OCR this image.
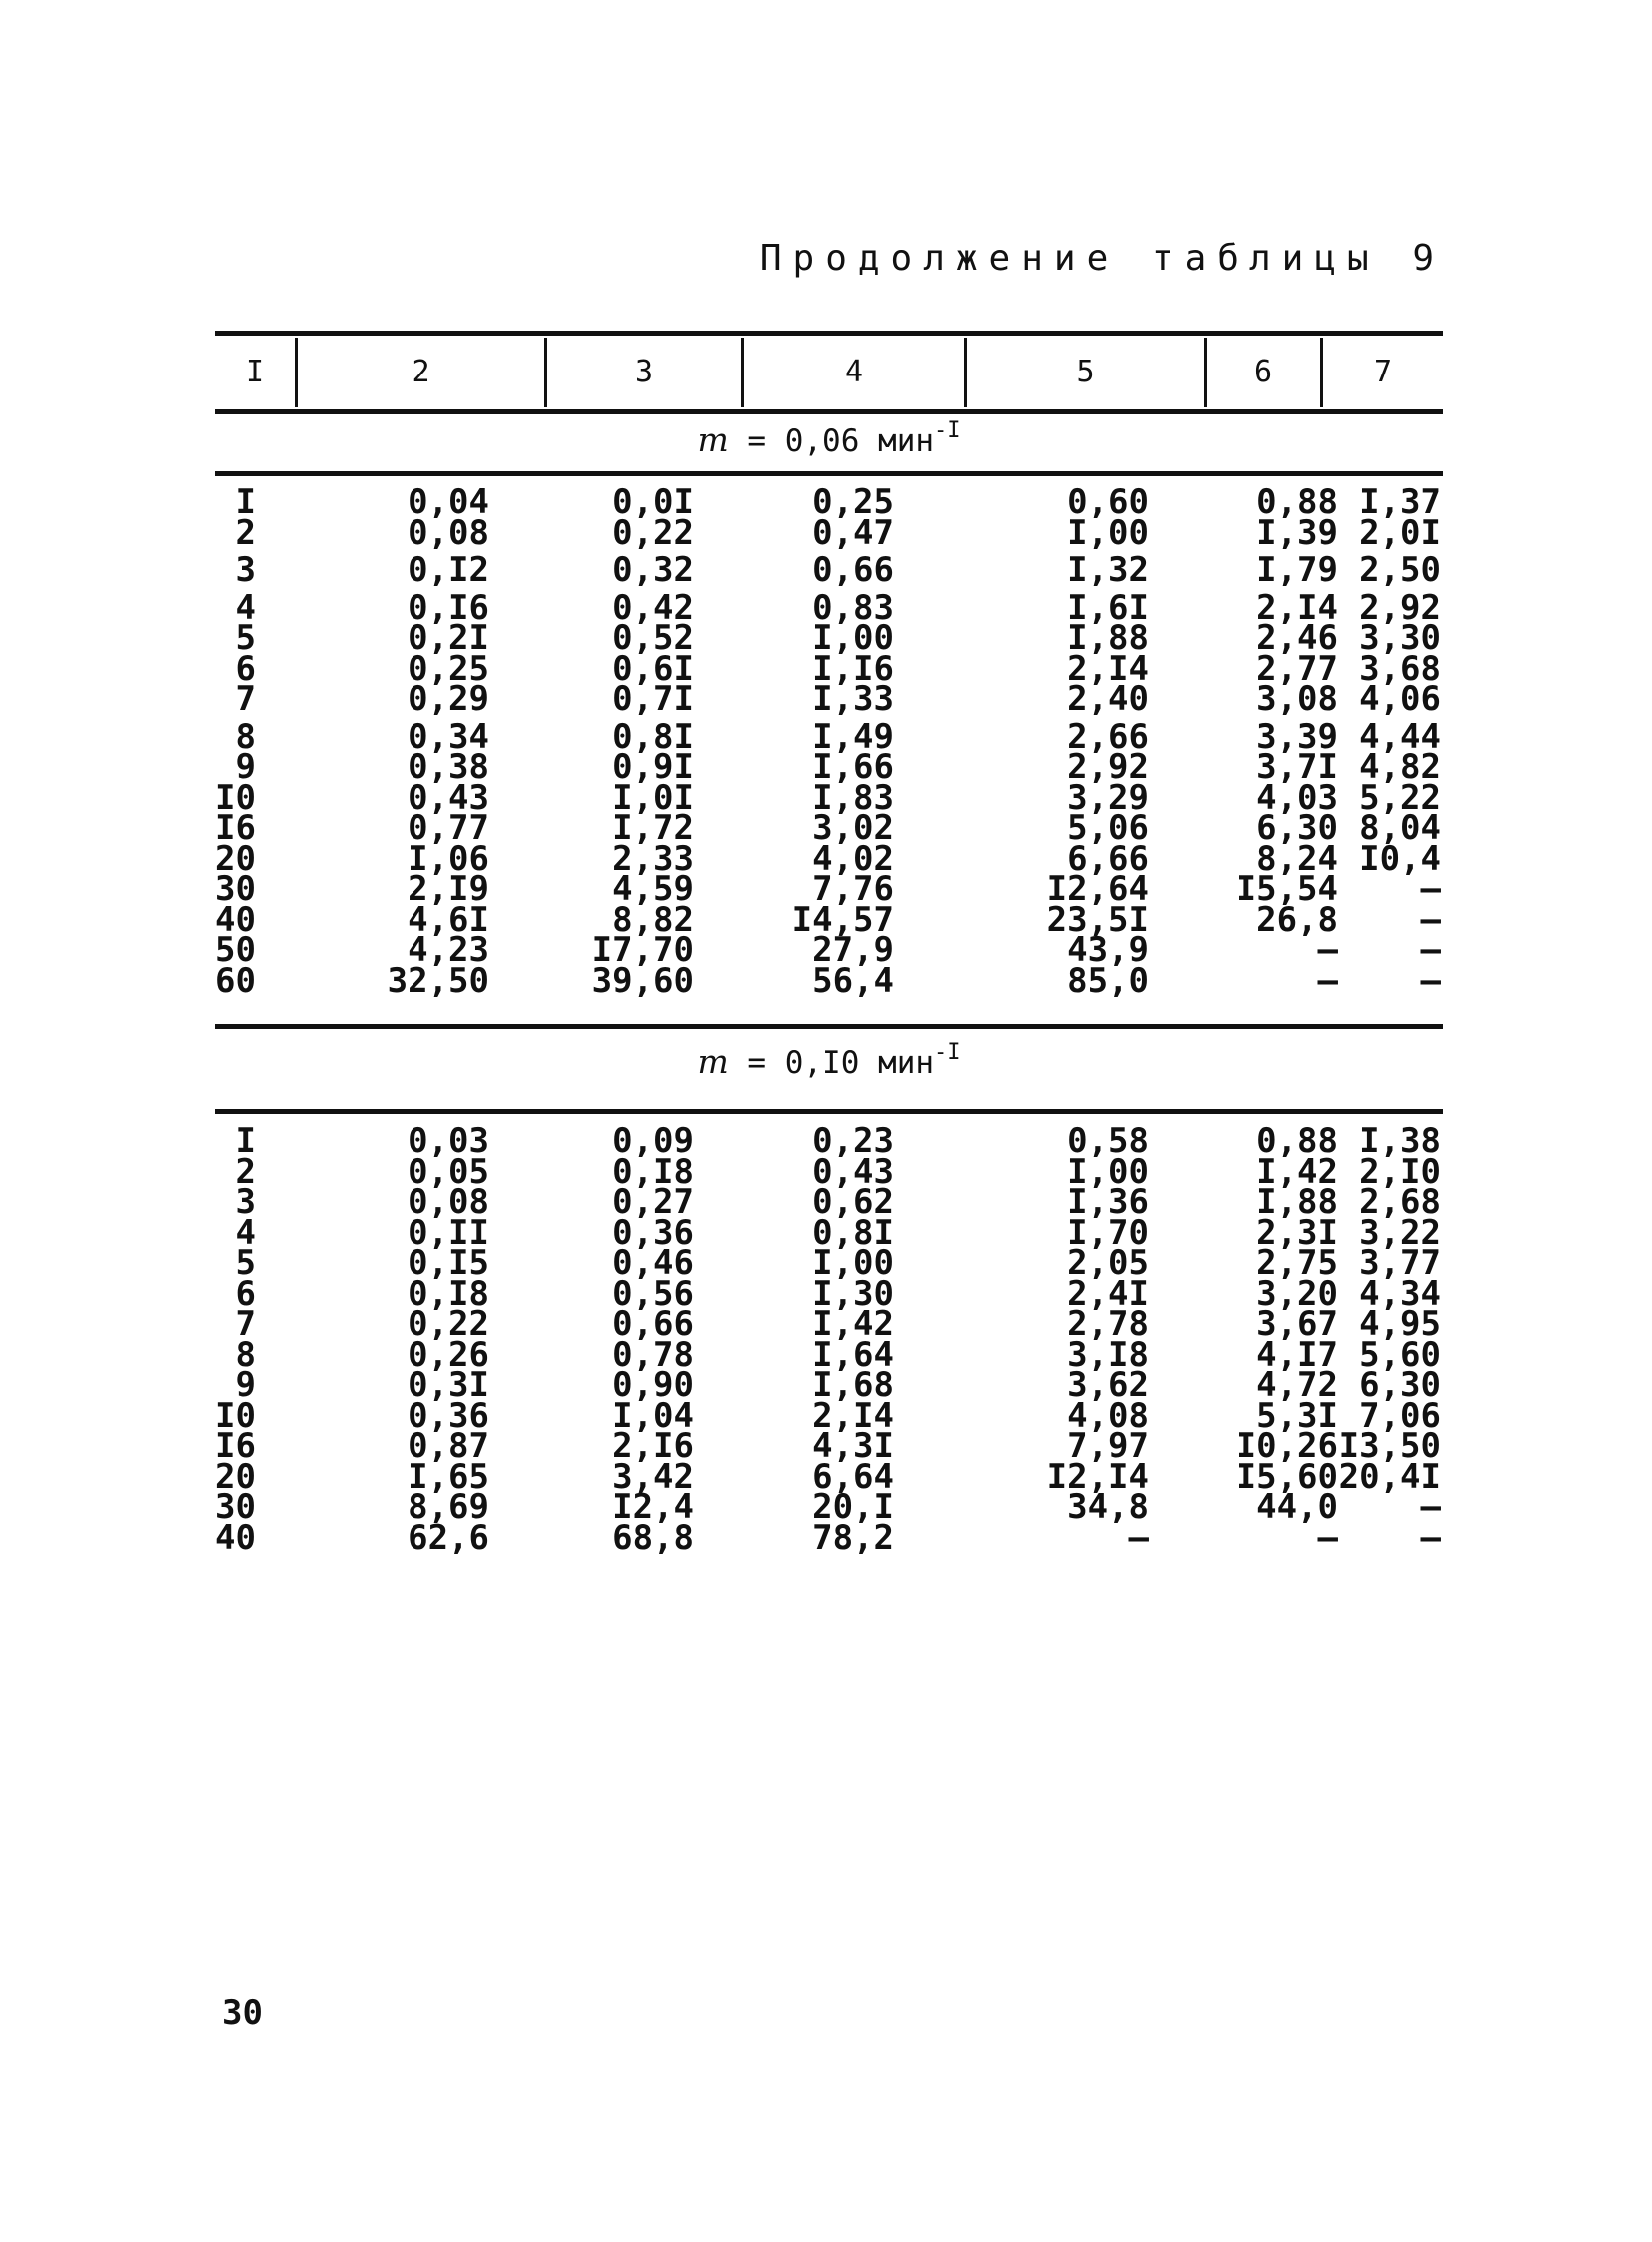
Продолжение таблицы 9
I	2	3	4	5	6	7
m = 0,06 мин$^{-I}$
I	0,04	0,0I	0,25	0,60	0,88 I,37
2	0,08	0,22	0,47	I,00	I,39 2,0I
3	0,I2	0,32	0,66	I,32	I,79 2,50
4	0,I6	0,42	0,83	I,6I	2,I4 2,92
5	0,2I	0,52	I,00	I,88	2,46 3,30
6	0,25	0,6I	I,I6	2,I4	2,77 3,68
7	0,29	0,7I	I,33	2,40	3,08 4,06
8	0,34	0,8I	I,49	2,66	3,39 4,44
9	0,38	0,9I	I,66	2,92	3,7I 4,82
I0	0,43	I,0I	I,83	3,29	4,03 5,22
I6	0,77	I,72	3,02	5,06	6,30 8,04
20	I,06	2,33	4,02	6,66	8,24 I0,4
30	2,I9	4,59	7,76	I2,64	I5,54	–
40	4,6I	8,82	I4,57	23,5I	26,8	–
50	4,23	I7,70	27,9	43,9	–	–
60	32,50	39,60	56,4	85,0	–	–
m = 0,I0 мин$^{-I}$
I	0,03	0,09	0,23	0,58	0,88 I,38
2	0,05	0,I8	0,43	I,00	I,42 2,I0
3	0,08	0,27	0,62	I,36	I,88 2,68
4	0,II	0,36	0,8I	I,70	2,3I 3,22
5	0,I5	0,46	I,00	2,05	2,75 3,77
6	0,I8	0,56	I,30	2,4I	3,20 4,34
7	0,22	0,66	I,42	2,78	3,67 4,95
8	0,26	0,78	I,64	3,I8	4,I7 5,60
9	0,3I	0,90	I,68	3,62	4,72 6,30
I0	0,36	I,04	2,I4	4,08	5,3I 7,06
I6	0,87	2,I6	4,3I	7,97	I0,26 I3,50
20	I,65	3,42	6,64	I2,I4	I5,60 20,4I
30	8,69	I2,4	20,I	34,8	44,0	–
40	62,6	68,8	78,2	–	–	–
30
